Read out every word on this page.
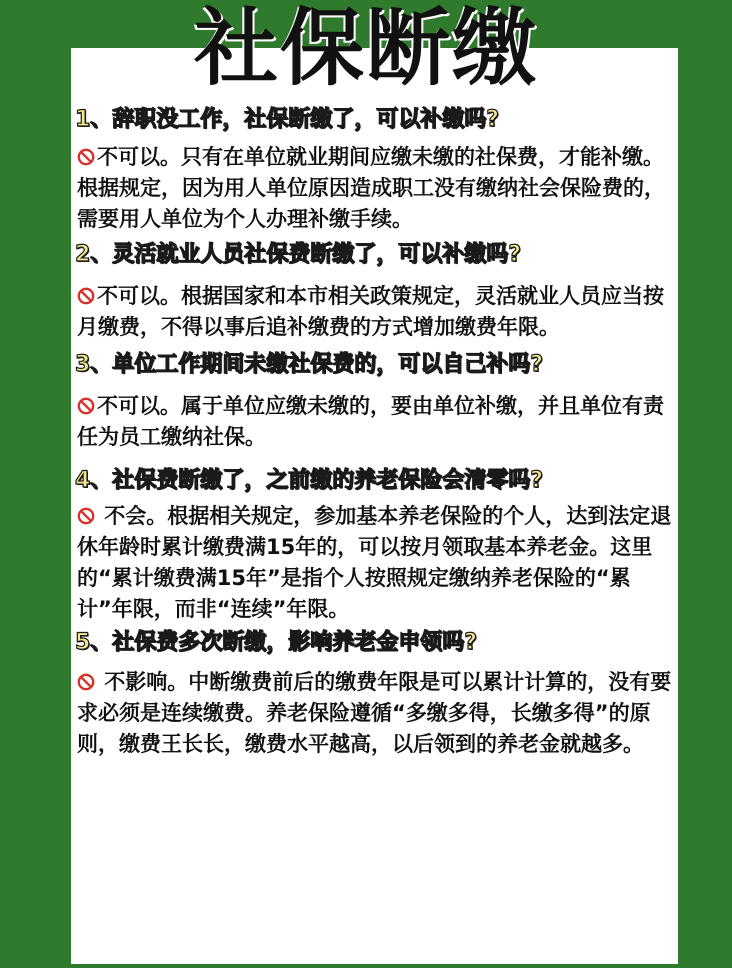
社保断缴

1、辞职没工作，社保断缴了，可以补缴吗?

不可以。只有在单位就业期间应缴未缴的社保费，才能补缴。根据规定，因为用人单位原因造成职工没有缴纳社会保险费的，需要用人单位为个人办理补缴手续。

2、灵活就业人员社保费断缴了，可以补缴吗?

不可以。根据国家和本市相关政策规定，灵活就业人员应当按月缴费，不得以事后追补缴费的方式增加缴费年限。

3、单位工作期间未缴社保费的，可以自己补吗?

不可以。属于单位应缴未缴的，要由单位补缴，并且单位有责任为员工缴纳社保。

4、社保费断缴了，之前缴的养老保险会清零吗?

不会。根据相关规定，参加基本养老保险的个人，达到法定退休年龄时累计缴费满15年的，可以按月领取基本养老金。这里的“累计缴费满15年”是指个人按照规定缴纳养老保险的“累计”年限，而非“连续”年限。

5、社保费多次断缴，影响养老金申领吗?

不影响。中断缴费前后的缴费年限是可以累计计算的，没有要求必须是连续缴费。养老保险遵循“多缴多得，长缴多得”的原则，缴费王长长，缴费水平越高，以后领到的养老金就越多。
